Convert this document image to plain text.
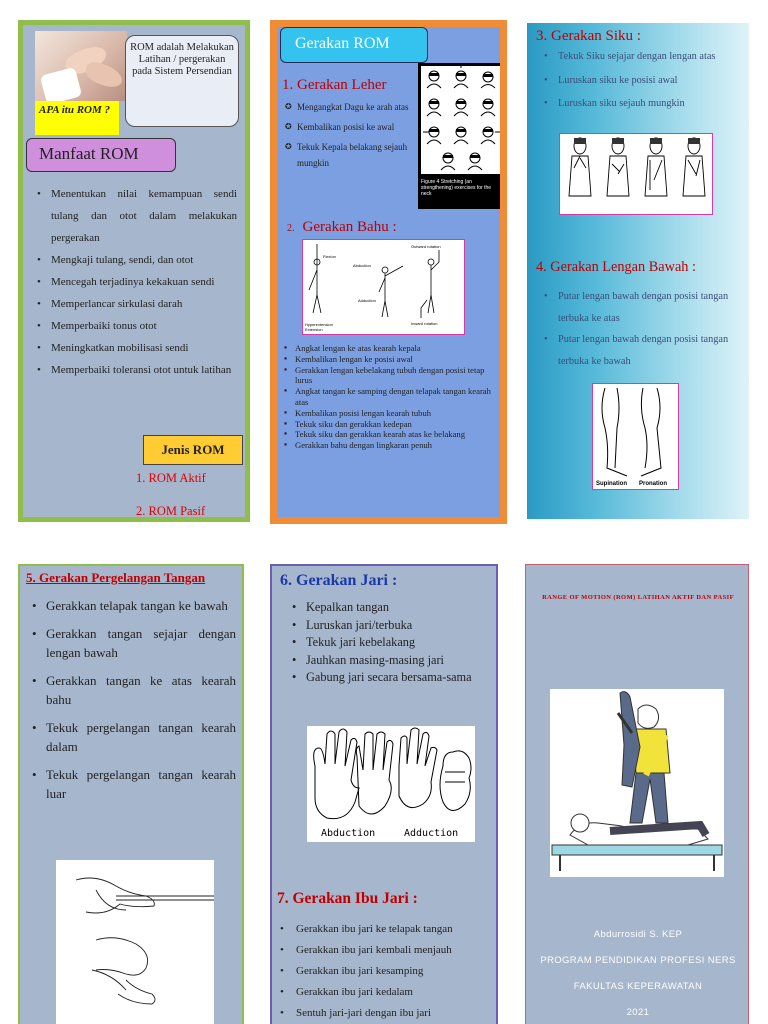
APA itu ROM ?
ROM adalah Melakukan Latihan / pergerakan pada Sistem Persendian
Manfaat ROM
• Menentukan nilai kemampuan sendi tulang dan otot dalam melakukan pergerakan
• Mengkaji tulang, sendi, dan otot
• Mencegah terjadinya kekakuan sendi
• Memperlancar sirkulasi darah
• Memperbaiki tonus otot
• Meningkatkan mobilisasi sendi
• Memperbaiki toleransi otot untuk latihan
Jenis ROM
1. ROM Aktif
2. ROM Pasif
Gerakan ROM
1. Gerakan Leher
✪ Mengangkat Dagu ke arah atas
✪ Kembalikan posisi ke awal
✪ Tekuk Kepala belakang sejauh mungkin
Figure 4 Stretching (an strengthening) exercises for the neck
2. Gerakan Bahu :
Flexion
Hyperextension
Extension
Abduction
Adduction
Outward rotation
Inward rotation
▪ Angkat lengan ke atas kearah kepala
▪ Kembalikan lengan ke posisi awal
▪ Gerakkan lengan kebelakang tubuh dengan posisi tetap lurus
▪ Angkat tangan ke samping dengan telapak tangan kearah atas
▪ Kembalikan posisi lengan kearah tubuh
▪ Tekuk siku dan gerakkan kedepan
▪ Tekuk siku dan gerakkan kearah atas ke belakang
▪ Gerakkan bahu dengan lingkaran penuh
3. Gerakan Siku :
• Tekuk Siku sejajar dengan lengan atas
• Luruskan siku ke posisi awal
• Luruskan siku sejauh mungkin
4. Gerakan Lengan Bawah :
• Putar lengan bawah dengan posisi tangan terbuka ke atas
• Putar lengan bawah dengan posisi tangan terbuka ke bawah
Supination Pronation
5. Gerakan Pergelangan Tangan
• Gerakkan telapak tangan ke bawah
• Gerakkan tangan sejajar dengan lengan bawah
• Gerakkan tangan ke atas kearah bahu
• Tekuk pergelangan tangan kearah dalam
• Tekuk pergelangan tangan kearah luar
6. Gerakan Jari :
• Kepalkan tangan
• Luruskan jari/terbuka
• Tekuk jari kebelakang
• Jauhkan masing-masing jari
• Gabung jari secara bersama-sama
Abduction	Adduction
7. Gerakan Ibu Jari :
• Gerakkan ibu jari ke telapak tangan
• Gerakkan ibu jari kembali menjauh
• Gerakkan ibu jari kesamping
• Gerakkan ibu jari kedalam
• Sentuh jari-jari dengan ibu jari
RANGE OF MOTION (ROM) LATIHAN AKTIF DAN PASIF
Abdurrosidi S. KEP
PROGRAM PENDIDIKAN PROFESI NERS
FAKULTAS KEPERAWATAN
2021
